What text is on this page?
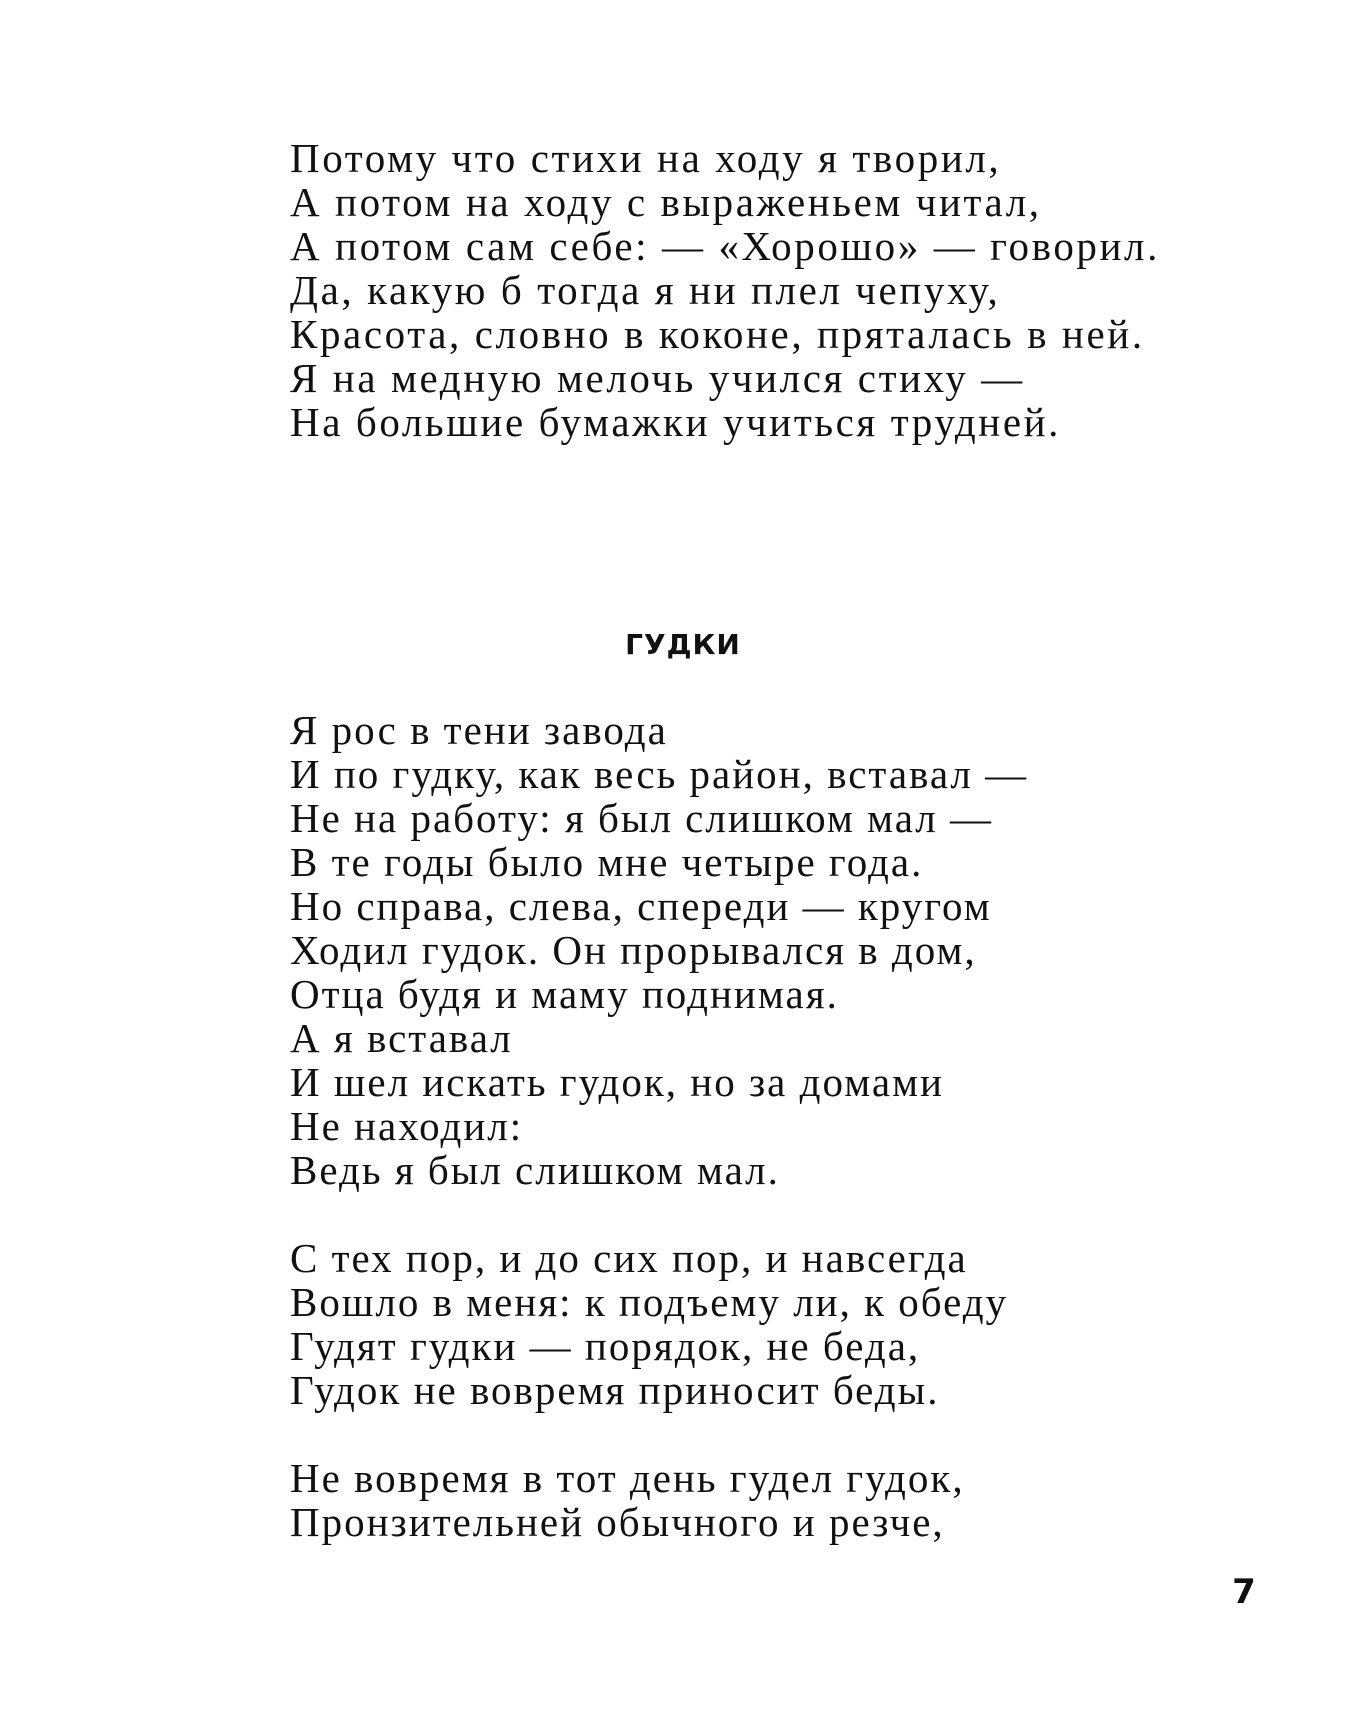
Потому что стихи на ходу я творил,
А потом на ходу с выраженьем читал,
А потом сам себе: — «Хорошо» — говорил.
Да, какую б тогда я ни плел чепуху,
Красота, словно в коконе, пряталась в ней.
Я на медную мелочь учился стиху —
На большие бумажки учиться трудней.
ГУДКИ
Я рос в тени завода
И по гудку, как весь район, вставал —
Не на работу: я был слишком мал —
В те годы было мне четыре года.
Но справа, слева, спереди — кругом
Ходил гудок. Он прорывался в дом,
Отца будя и маму поднимая.
А я вставал
И шел искать гудок, но за домами
Не находил:
Ведь я был слишком мал.
С тех пор, и до сих пор, и навсегда
Вошло в меня: к подъему ли, к обеду
Гудят гудки — порядок, не беда,
Гудок не вовремя приносит беды.
Не вовремя в тот день гудел гудок,
Пронзительней обычного и резче,
7
